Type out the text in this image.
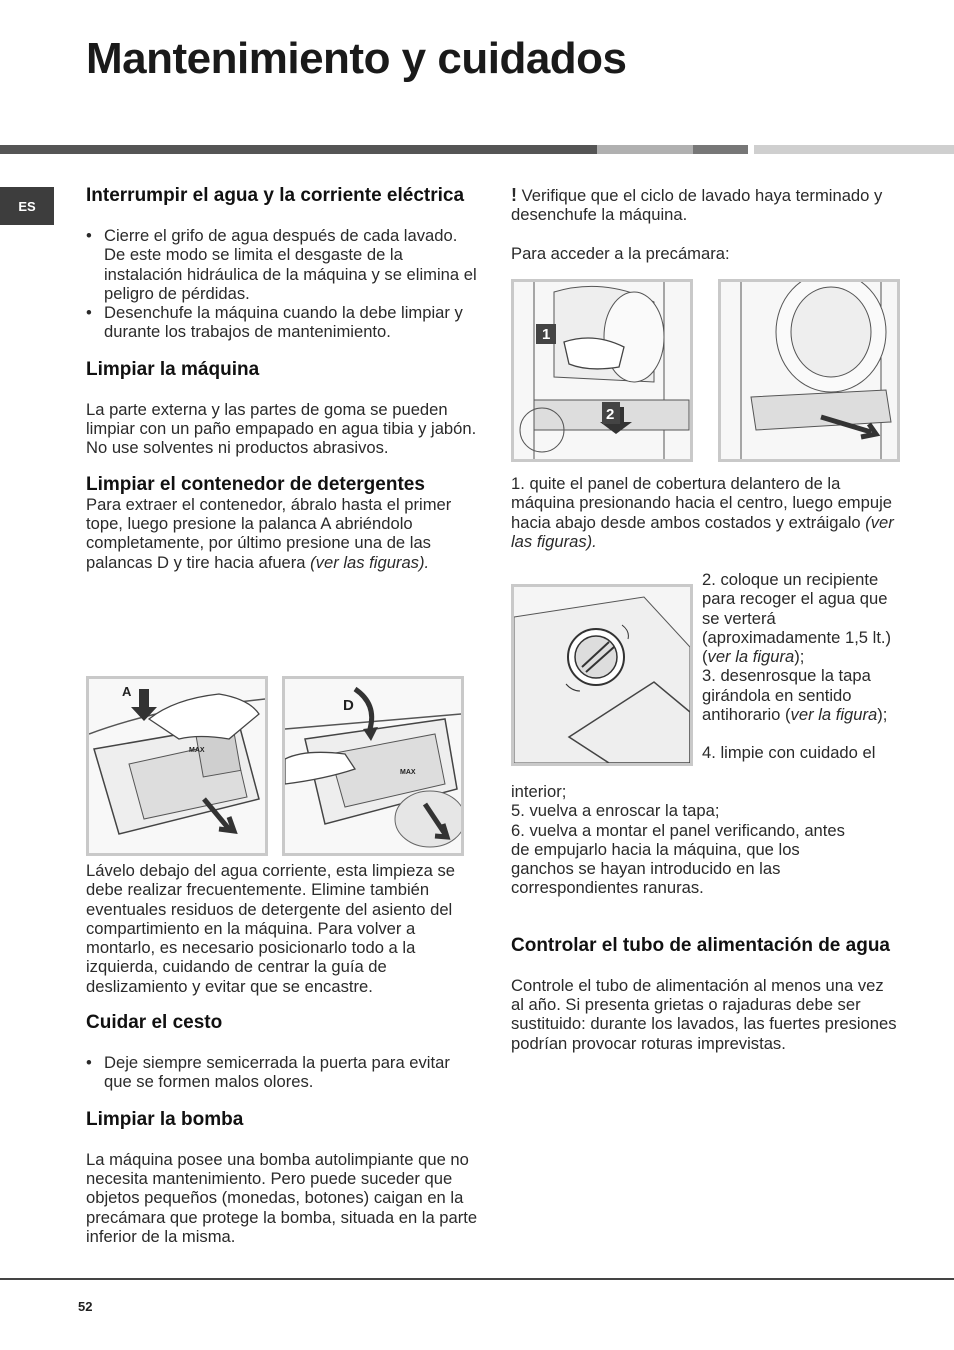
Mantenimiento y cuidados
ES	Interrumpir el agua y la corriente eléctrica
• Cierre el grifo de agua después de cada lavado. De este modo se limita el desgaste de la instalación hidráulica de la máquina y se elimina el peligro de pérdidas.
• Desenchufe la máquina cuando la debe limpiar y durante los trabajos de mantenimiento.
Limpiar la máquina

La parte externa y las partes de goma se pueden limpiar con un paño empapado en agua tibia y jabón. No use solventes ni productos abrasivos.

Limpiar el contenedor de detergentes

Para extraer el contenedor, ábralo hasta el primer tope, luego presione la palanca A abriéndolo completamente, por último presione una de las palancas D y tire hacia afuera (ver las figuras).

A
MAX
D
MAX

Lávelo debajo del agua corriente, esta limpieza se debe realizar frecuentemente. Elimine también eventuales residuos de detergente del asiento del compartimiento en la máquina. Para volver a montarlo, es necesario posicionarlo todo a la izquierda, cuidando de centrar la guía de deslizamiento y evitar que se encastre.

Cuidar el cesto
• Deje siempre semicerrada la puerta para evitar que se formen malos olores.
Limpiar la bomba

La máquina posee una bomba autolimpiante que no necesita mantenimiento. Pero puede suceder que objetos pequeños (monedas, botones) caigan en la precámara que protege la bomba, situada en la parte inferior de la misma.

! Verifique que el ciclo de lavado haya terminado y desenchufe la máquina.

Para acceder a la precámara:

1
2

1. quite el panel de cobertura delantero de la máquina presionando hacia el centro, luego empuje hacia abajo desde ambos costados y extráigalo (ver las figuras).

2. coloque un recipiente para recoger el agua que se verterá (aproximadamente 1,5 lt.) (ver la figura);

3. desenrosque la tapa girándola en sentido antihorario (ver la figura);

4. limpie con cuidado el

interior;

5. vuelva a enroscar la tapa;

6. vuelva a montar el panel verificando, antes de empujarlo hacia la máquina, que los ganchos se hayan introducido en las correspondientes ranuras.

Controlar el tubo de alimentación de agua

Controle el tubo de alimentación al menos una vez al año. Si presenta grietas o rajaduras debe ser sustituido: durante los lavados, las fuertes presiones podrían provocar roturas imprevistas.

52
